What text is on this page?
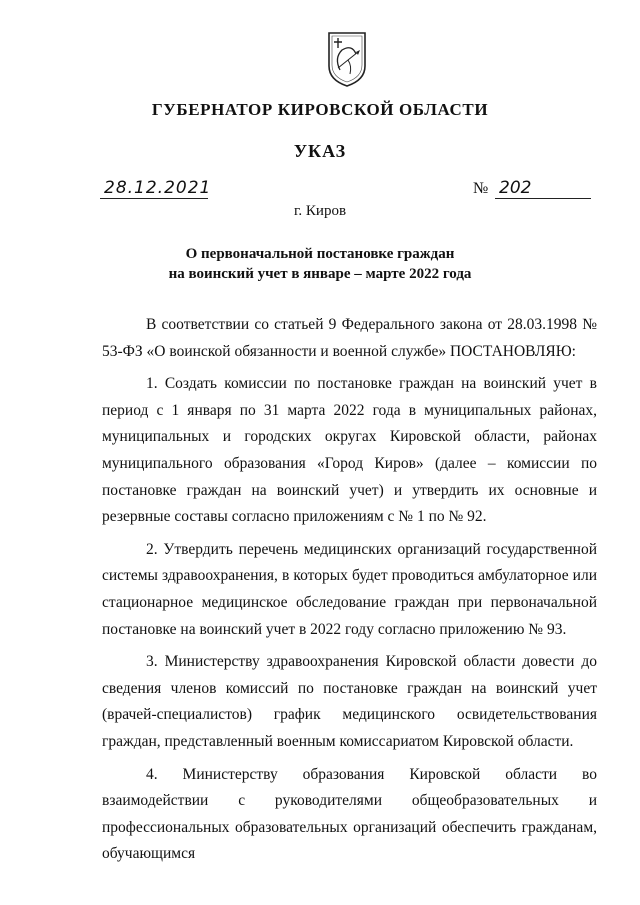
ГУБЕРНАТОР КИРОВСКОЙ ОБЛАСТИ
УКАЗ
28.12.2021	№ 202
г. Киров
О первоначальной постановке граждан
на воинский учет в январе – марте 2022 года

В соответствии со статьей 9 Федерального закона от 28.03.1998 № 53-ФЗ «О воинской обязанности и военной службе» ПОСТАНОВЛЯЮ:

1. Создать комиссии по постановке граждан на воинский учет в период с 1 января по 31 марта 2022 года в муниципальных районах, муниципальных и городских округах Кировской области, районах муниципального образования «Город Киров» (далее – комиссии по постановке граждан на воинский учет) и утвердить их основные и резервные составы согласно приложениям с № 1 по № 92.

2. Утвердить перечень медицинских организаций государственной системы здравоохранения, в которых будет проводиться амбулаторное или стационарное медицинское обследование граждан при первоначальной постановке на воинский учет в 2022 году согласно приложению № 93.

3. Министерству здравоохранения Кировской области довести до сведения членов комиссий по постановке граждан на воинский учет (врачей-специалистов) график медицинского освидетельствования граждан, представленный военным комиссариатом Кировской области.

4. Министерству образования Кировской области во взаимодействии с руководителями общеобразовательных и профессиональных образовательных организаций обеспечить гражданам, обучающимся
